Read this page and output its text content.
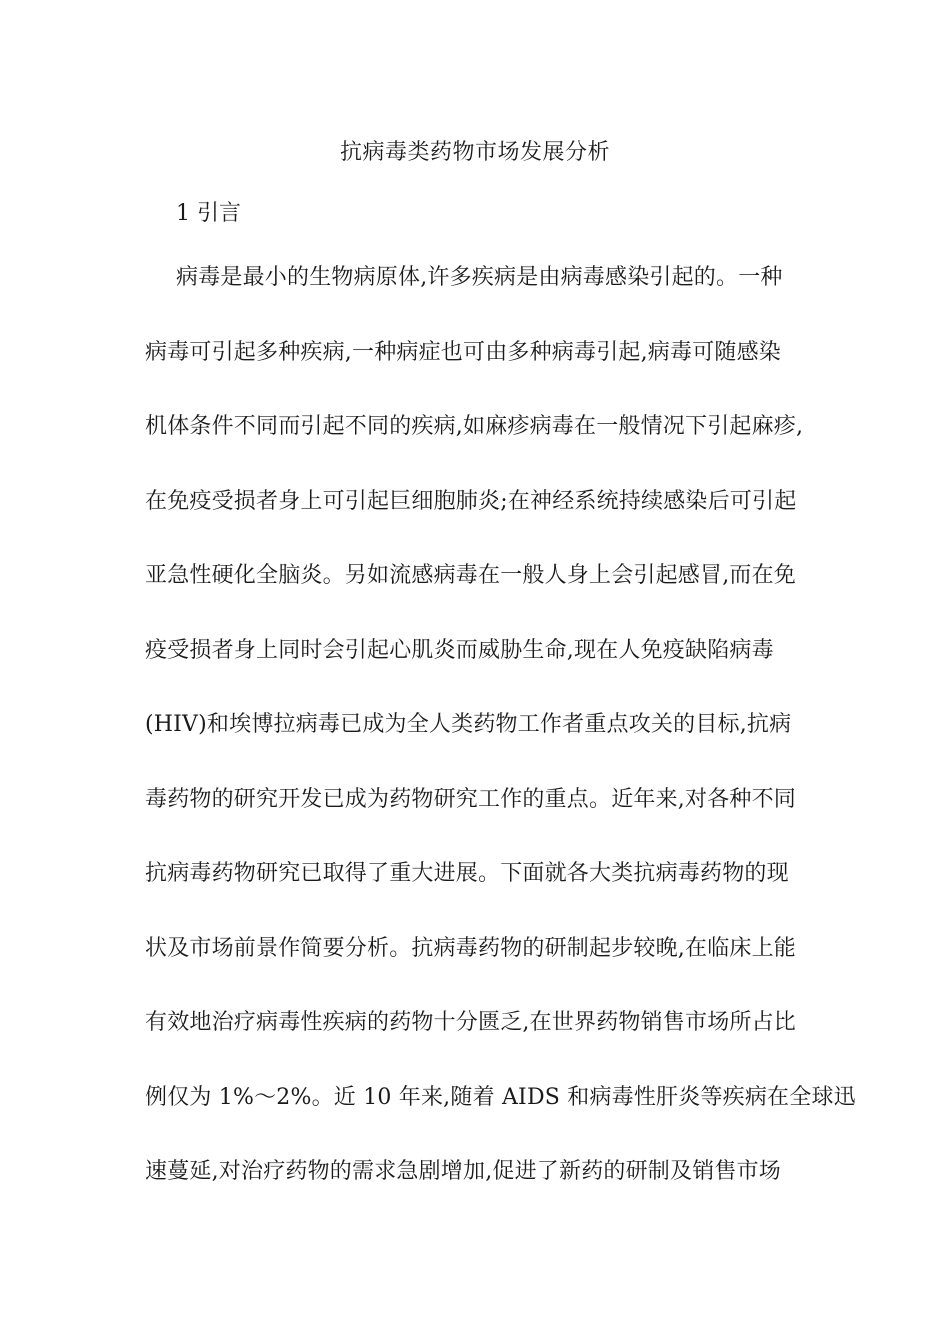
抗病毒类药物市场发展分析
1 引言
病毒是最小的生物病原体,许多疾病是由病毒感染引起的。一种
病毒可引起多种疾病,一种病症也可由多种病毒引起,病毒可随感染
机体条件不同而引起不同的疾病,如麻疹病毒在一般情况下引起麻疹,
在免疫受损者身上可引起巨细胞肺炎;在神经系统持续感染后可引起
亚急性硬化全脑炎。另如流感病毒在一般人身上会引起感冒,而在免
疫受损者身上同时会引起心肌炎而威胁生命,现在人免疫缺陷病毒
(HIV)和埃博拉病毒已成为全人类药物工作者重点攻关的目标,抗病
毒药物的研究开发已成为药物研究工作的重点。近年来,对各种不同
抗病毒药物研究已取得了重大进展。下面就各大类抗病毒药物的现
状及市场前景作简要分析。抗病毒药物的研制起步较晚,在临床上能
有效地治疗病毒性疾病的药物十分匮乏,在世界药物销售市场所占比
例仅为 1%～2%。近 10 年来,随着 AIDS 和病毒性肝炎等疾病在全球迅
速蔓延,对治疗药物的需求急剧增加,促进了新药的研制及销售市场
